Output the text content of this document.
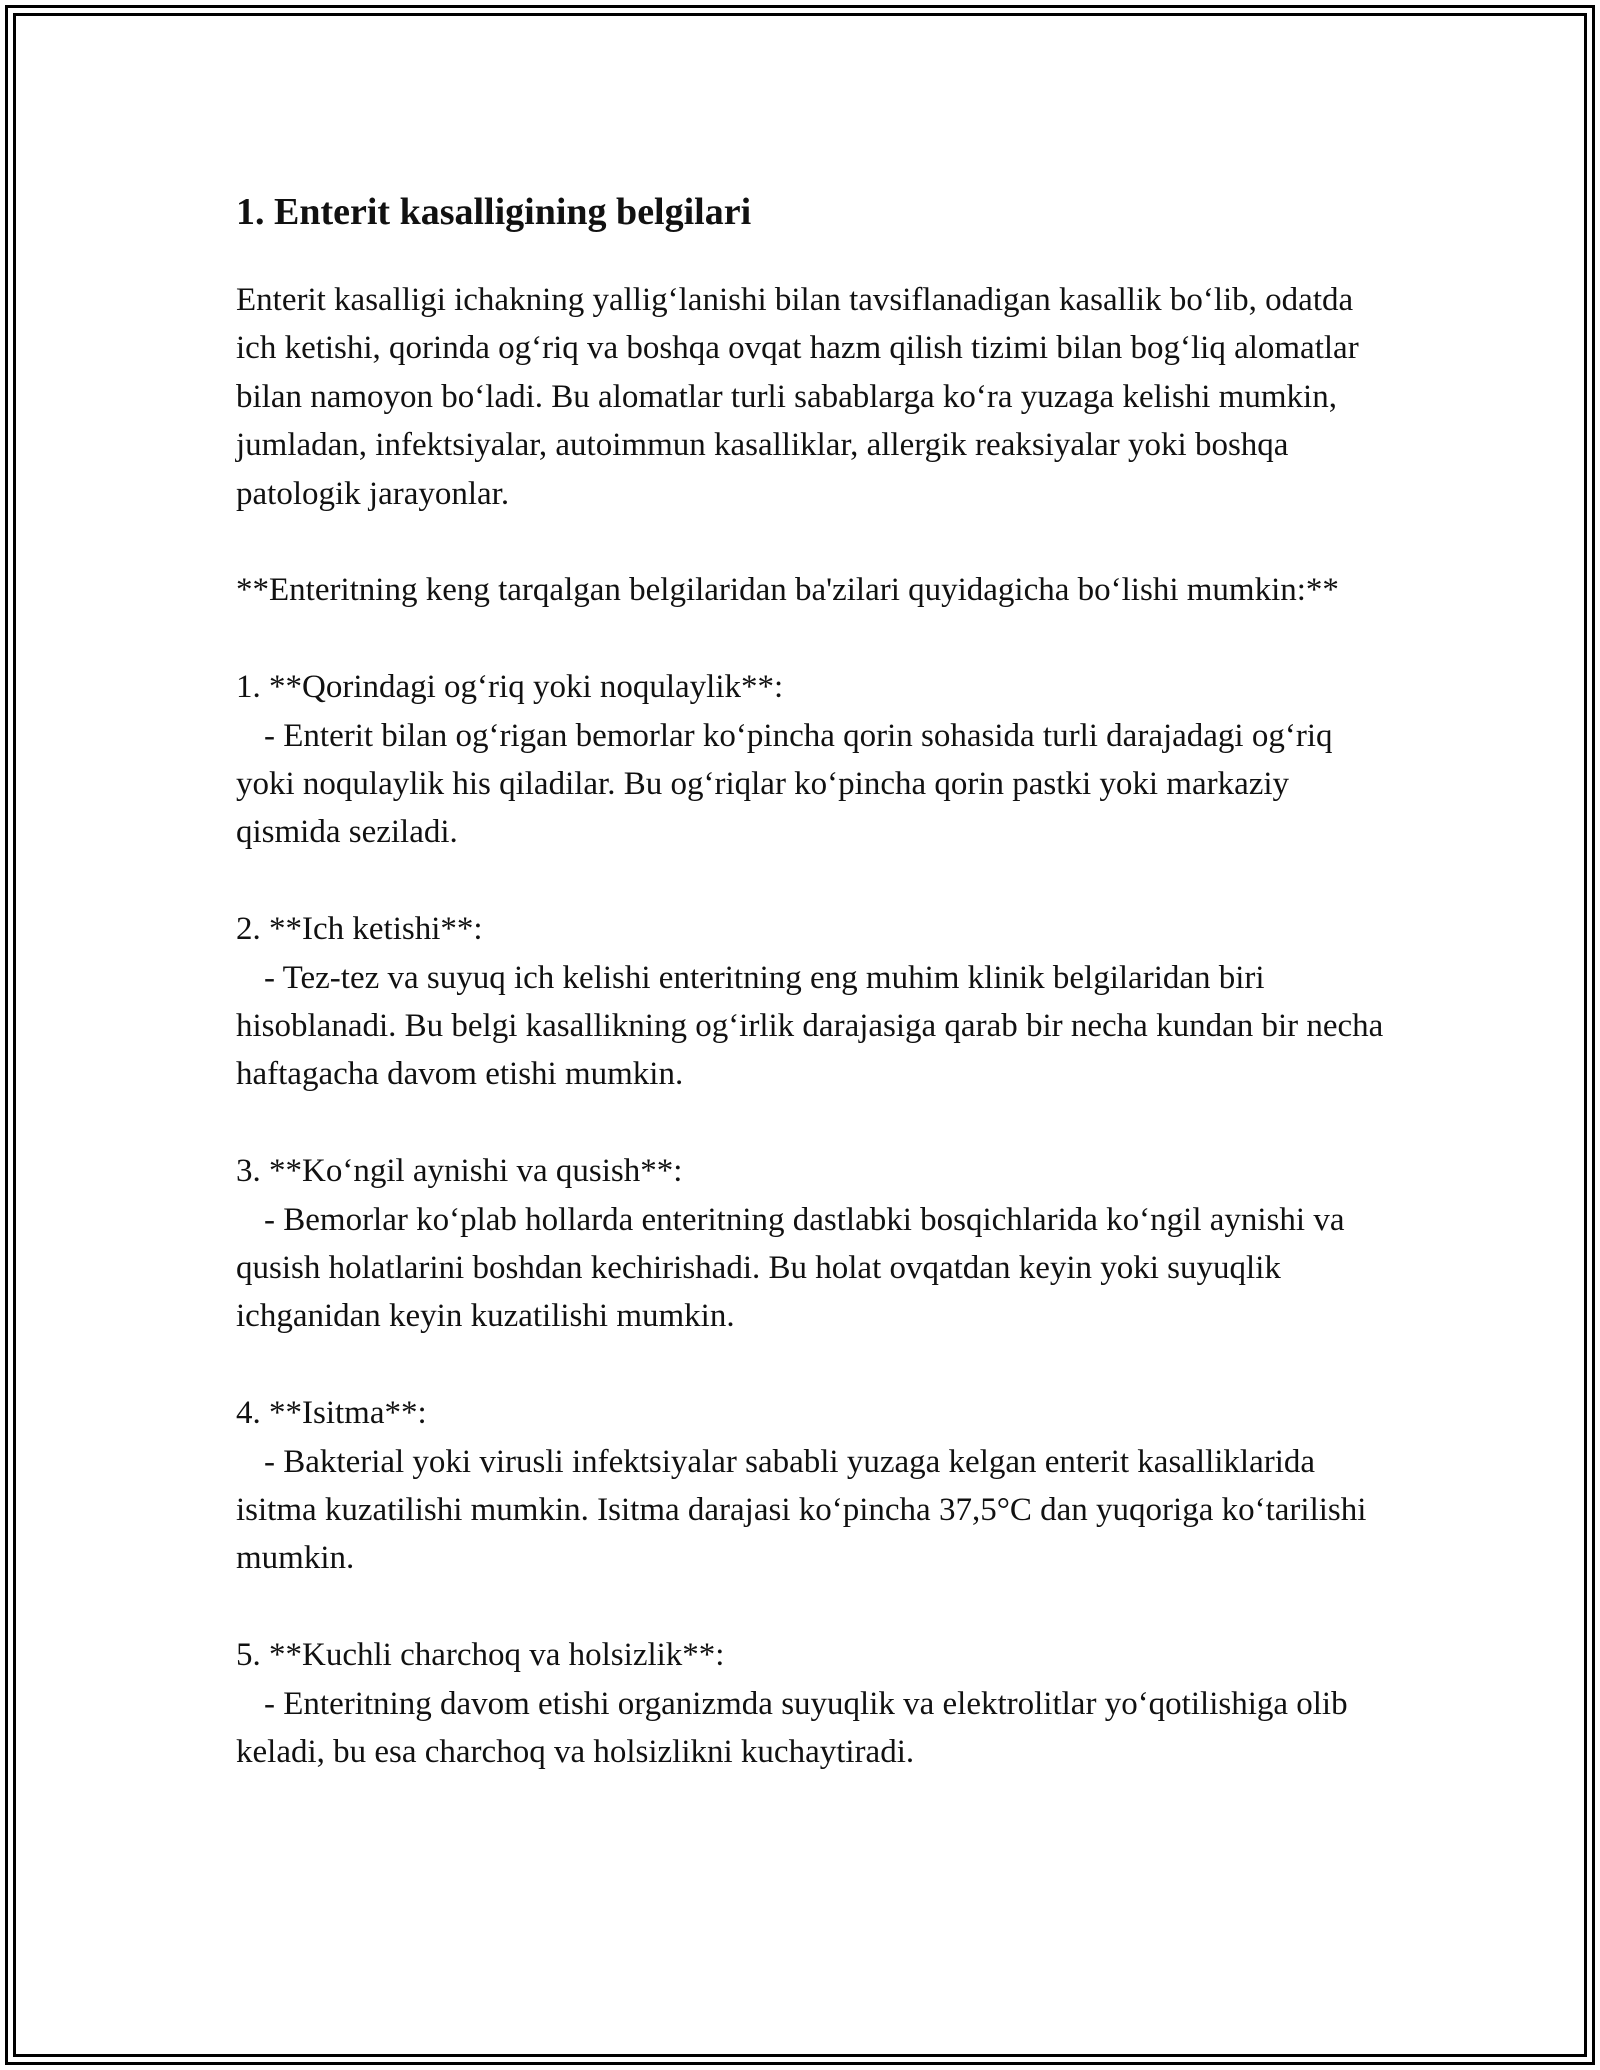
1. Enterit kasalligining belgilari

Enterit kasalligi ichakning yallig‘lanishi bilan tavsiflanadigan kasallik bo‘lib, odatda ich ketishi, qorinda og‘riq va boshqa ovqat hazm qilish tizimi bilan bog‘liq alomatlar bilan namoyon bo‘ladi. Bu alomatlar turli sabablarga ko‘ra yuzaga kelishi mumkin, jumladan, infektsiyalar, autoimmun kasalliklar, allergik reaksiyalar yoki boshqa patologik jarayonlar.

**Enteritning keng tarqalgan belgilaridan ba'zilari quyidagicha bo‘lishi mumkin:**

1. **Qorindagi og‘riq yoki noqulaylik**:

- Enterit bilan og‘rigan bemorlar ko‘pincha qorin sohasida turli darajadagi og‘riq yoki noqulaylik his qiladilar. Bu og‘riqlar ko‘pincha qorin pastki yoki markaziy qismida seziladi.

2. **Ich ketishi**:

- Tez-tez va suyuq ich kelishi enteritning eng muhim klinik belgilaridan biri hisoblanadi. Bu belgi kasallikning og‘irlik darajasiga qarab bir necha kundan bir necha haftagacha davom etishi mumkin.

3. **Ko‘ngil aynishi va qusish**:

- Bemorlar ko‘plab hollarda enteritning dastlabki bosqichlarida ko‘ngil aynishi va qusish holatlarini boshdan kechirishadi. Bu holat ovqatdan keyin yoki suyuqlik ichganidan keyin kuzatilishi mumkin.

4. **Isitma**:

- Bakterial yoki virusli infektsiyalar sababli yuzaga kelgan enterit kasalliklarida isitma kuzatilishi mumkin. Isitma darajasi ko‘pincha 37,5°C dan yuqoriga ko‘tarilishi mumkin.

5. **Kuchli charchoq va holsizlik**:

- Enteritning davom etishi organizmda suyuqlik va elektrolitlar yo‘qotilishiga olib keladi, bu esa charchoq va holsizlikni kuchaytiradi.
